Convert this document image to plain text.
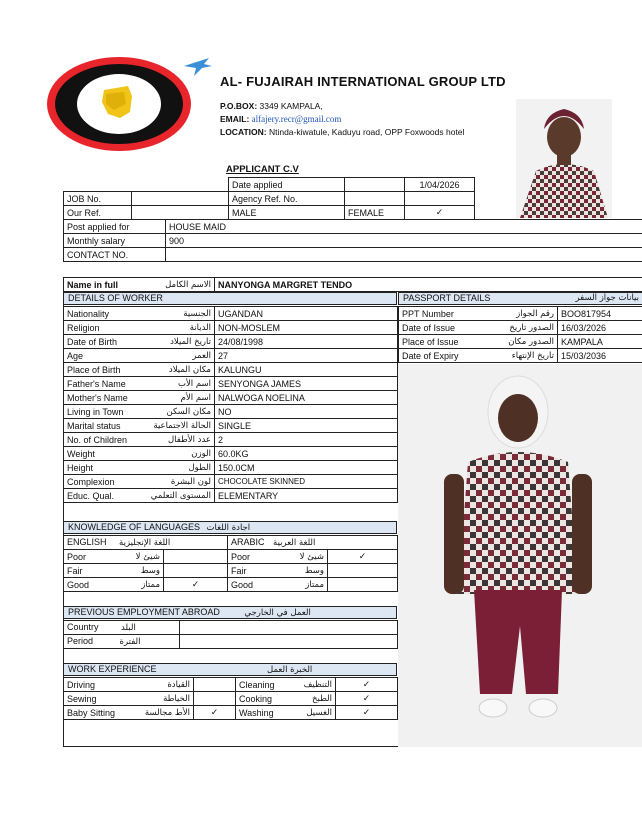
AL- FUJAIRAH INTERNATIONAL GROUP LTD
P.O.BOX: 3349 KAMPALA,
EMAIL: alfajery.recr@gmail.com
LOCATION: Ntinda-kiwatule, Kaduyu road, OPP Foxwoods hotel
APPLICANT C.V
		Date applied		1/04/2026
JOB No.		Agency Ref. No.		
Our Ref.		MALE	FEMALE	✓
Post applied for	HOUSE MAID
Monthly salary	900
CONTACT NO.	
Name in full	الاسم الكامل	NANYONGA MARGRET TENDO
DETAILS OF WORKER
Nationality الجنسية	UGANDAN

Religion الديانة	NON-MOSLEM

Date of Birth تاريخ الميلاد	24/08/1998

Age العمر	27

Place of Birth مكان الميلاد	KALUNGU

Father's Name اسم الأب	SENYONGA JAMES

Mother's Name اسم الأم	NALWOGA NOELINA

Living in Town مكان السكن	NO

Marital status الحالة الاجتماعية	SINGLE

No. of Children عدد الأطفال	2

Weight الوزن	60.0KG

Height الطول	150.0CM

Complexion لون البشرة	CHOCOLATE SKINNED

Educ. Qual. المستوى التعلمي	ELEMENTARY
PASSPORT DETAILS	بيانات جواز السفر
PPT Number رقم الجواز	BOO817954

Date of Issue الصدور تاريخ	16/03/2026

Place of Issue الصدور مكان	KAMPALA

Date of Expiry تاريخ الإنتهاء	15/03/2036
KNOWLEDGE OF LANGUAGES اجادة اللغات
ENGLISH اللغة الإنجليزية		ARABIC اللغة العربية	

Poor شيئ لا		Poor شيئ لا	✓

Fair وسط		Fair وسط	

Good ممتاز	✓	Good ممتاز	

PREVIOUS EMPLOYMENT ABROAD	العمل في الخارجي
Country البلد	
Period الفترة	
WORK EXPERIENCE	الخبرة العمل
Driving القيادة		Cleaning التنظيف	✓

Sewing الخياطة		Cooking الطبخ	✓

Baby Sitting الأط مجالسة	✓	Washing الغسيل	✓
